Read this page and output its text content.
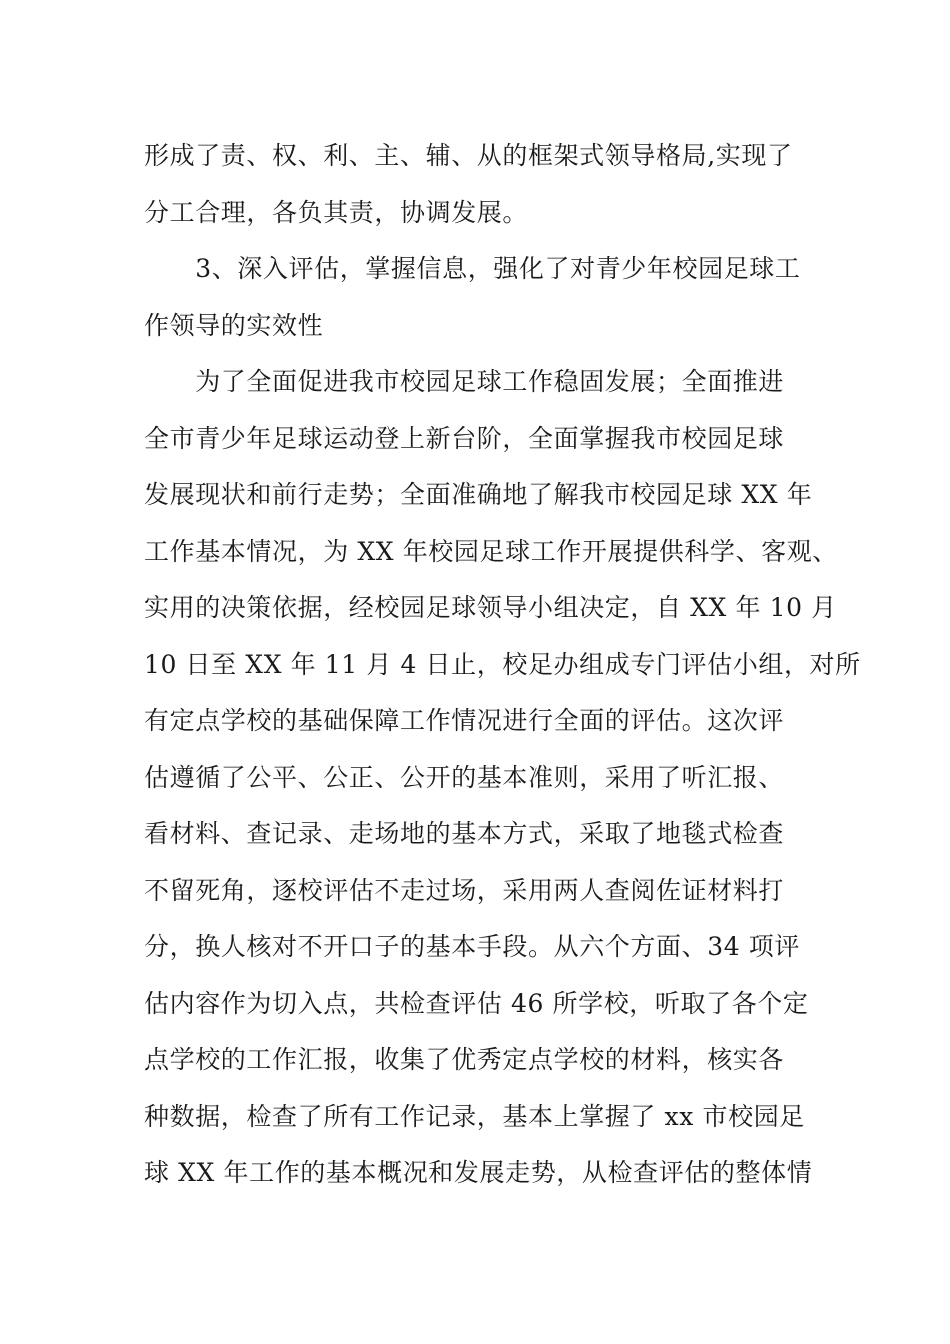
形成了责、权、利、主、辅、从的框架式领导格局,实现了
分工合理，各负其责，协调发展。
　　3、深入评估，掌握信息，强化了对青少年校园足球工
作领导的实效性
　　为了全面促进我市校园足球工作稳固发展；全面推进
全市青少年足球运动登上新台阶，全面掌握我市校园足球
发展现状和前行走势；全面准确地了解我市校园足球 XX 年
工作基本情况，为 XX 年校园足球工作开展提供科学、客观、
实用的决策依据，经校园足球领导小组决定，自 XX 年 10 月
10 日至 XX 年 11 月 4 日止，校足办组成专门评估小组，对所
有定点学校的基础保障工作情况进行全面的评估。这次评
估遵循了公平、公正、公开的基本准则，采用了听汇报、
看材料、查记录、走场地的基本方式，采取了地毯式检查
不留死角，逐校评估不走过场，采用两人查阅佐证材料打
分，换人核对不开口子的基本手段。从六个方面、34 项评
估内容作为切入点，共检查评估 46 所学校，听取了各个定
点学校的工作汇报，收集了优秀定点学校的材料，核实各
种数据，检查了所有工作记录，基本上掌握了 xx 市校园足
球 XX 年工作的基本概况和发展走势，从检查评估的整体情
